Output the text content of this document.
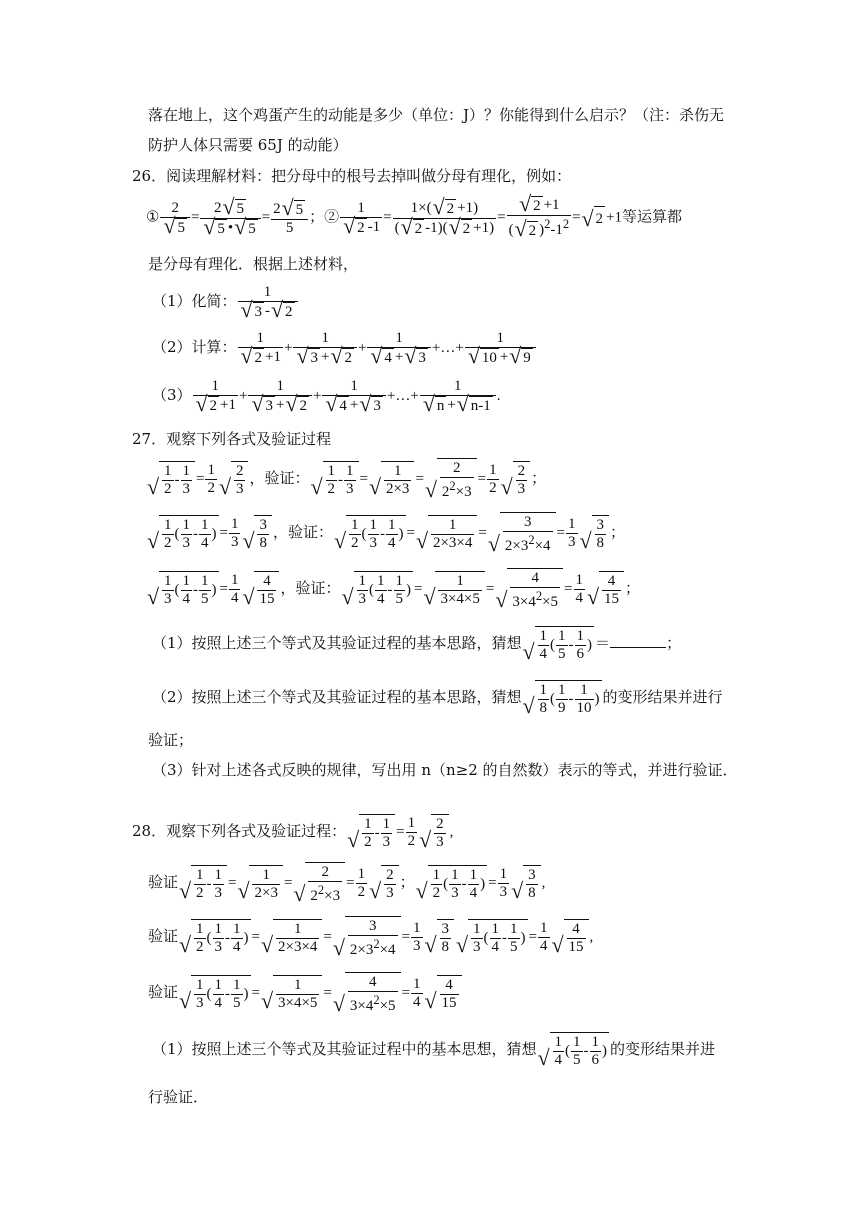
落在地上，这个鸡蛋产生的动能是多少（单位：J）？你能得到什么启示？（注：杀伤无
防护人体只需要 65J 的动能）
26．阅读理解材料：把分母中的根号去掉叫做分母有理化，例如：
① 2
√ 5 = 2 √ 5
√ 5 • √ $5 = \frac{2 √ 5}{5}$ ；② 1
√ 2 $-1 = \frac{1\times( √ 2 +1)}{( √ 2 -1)( √ 2 +1)}$ = √ $\frac{2 +1}{( √ 2 )^2-1^2}$ = √ 2 +1等运算都
是分母有理化．根据上述材料，
（1）化简： 1
√ 3 - √ 2
（2）计算： 1
√ 2 +1 + 1
√ 3 + √ 2 + 1
√ 4 + √ 3 +…+ 1
√ 10 + √ 9
（3） 1
√ 2 +1 + 1
√ 3 + √ 2 + 1
√ 4 + √ 3 +…+ 1
√ n + √ n-1 .
27．观察下列各式及验证过程
√ $\frac{1}{2} - \frac{1}{3} = \frac{1}{2}$ √ $\frac{2}{3}$ ，验证： √ $\frac{1}{2} - \frac{1}{3}$ = √ $\frac{1}{2\times 3}$ = √ $\frac{2}{2^2\times 3} = \frac{1}{2}$ √ $\frac{2}{3}$ ；
√ $\frac{1}{2}$ ( $\frac{1}{3} - \frac{1}{4}$ ) = $\frac{1}{3}$ √ $\frac{3}{8}$ ，验证： √ $\frac{1}{2}$ ( $\frac{1}{3} - \frac{1}{4}$ ) = √ $\frac{1}{2\times 3\times 4}$ = √ $\frac{3}{2\times 3^2\times 4} = \frac{1}{3}$ √ $\frac{3}{8}$ ；
√ $\frac{1}{3}$ ( $\frac{1}{4} - \frac{1}{5}$ ) = $\frac{1}{4}$ √ $\frac{4}{15}$ ，验证： √ $\frac{1}{3}$ ( $\frac{1}{4} - \frac{1}{5}$ ) = √ $\frac{1}{3\times 4\times 5}$ = √ $\frac{4}{3\times 4^2\times 5} = \frac{1}{4}$ √ $\frac{4}{15}$ ；
（1）按照上述三个等式及其验证过程的基本思路，猜想 √ $\frac{1}{4}$ ( $\frac{1}{5} - \frac{1}{6}$ ) ＝	；
（2）按照上述三个等式及其验证过程的基本思路，猜想 √ $\frac{1}{8}$ ( $\frac{1}{9} - \frac{1}{10}$ ) 的变形结果并进行
验证；
（3）针对上述各式反映的规律，写出用 n（n≥2 的自然数）表示的等式，并进行验证．
28．观察下列各式及验证过程： √ $\frac{1}{2} - \frac{1}{3} = \frac{1}{2}$ √ $\frac{2}{3}$ ,
验证 √ $\frac{1}{2} - \frac{1}{3}$ = √ $\frac{1}{2\times 3}$ = √ $\frac{2}{2^2\times 3} = \frac{1}{2}$ √ $\frac{2}{3}$ ； √ $\frac{1}{2}$ ( $\frac{1}{3} - \frac{1}{4}$ ) = $\frac{1}{3}$ √ $\frac{3}{8}$ ,
验证 √ $\frac{1}{2}$ ( $\frac{1}{3} - \frac{1}{4}$ ) = √ $\frac{1}{2\times 3\times 4}$ = √ $\frac{3}{2\times 3^2\times 4} = \frac{1}{3}$ √ $\frac{3}{8}$ √ $\frac{1}{3}$ ( $\frac{1}{4} - \frac{1}{5}$ ) = $\frac{1}{4}$ √ $\frac{4}{15}$ ,
验证 √ $\frac{1}{3}$ ( $\frac{1}{4} - \frac{1}{5}$ ) = √ $\frac{1}{3\times 4\times 5}$ = √ $\frac{4}{3\times 4^2\times 5} = \frac{1}{4}$ √ $\frac{4}{15}$
（1）按照上述三个等式及其验证过程中的基本思想，猜想 √ $\frac{1}{4}$ ( $\frac{1}{5} - \frac{1}{6}$ ) 的变形结果并进
行验证．
